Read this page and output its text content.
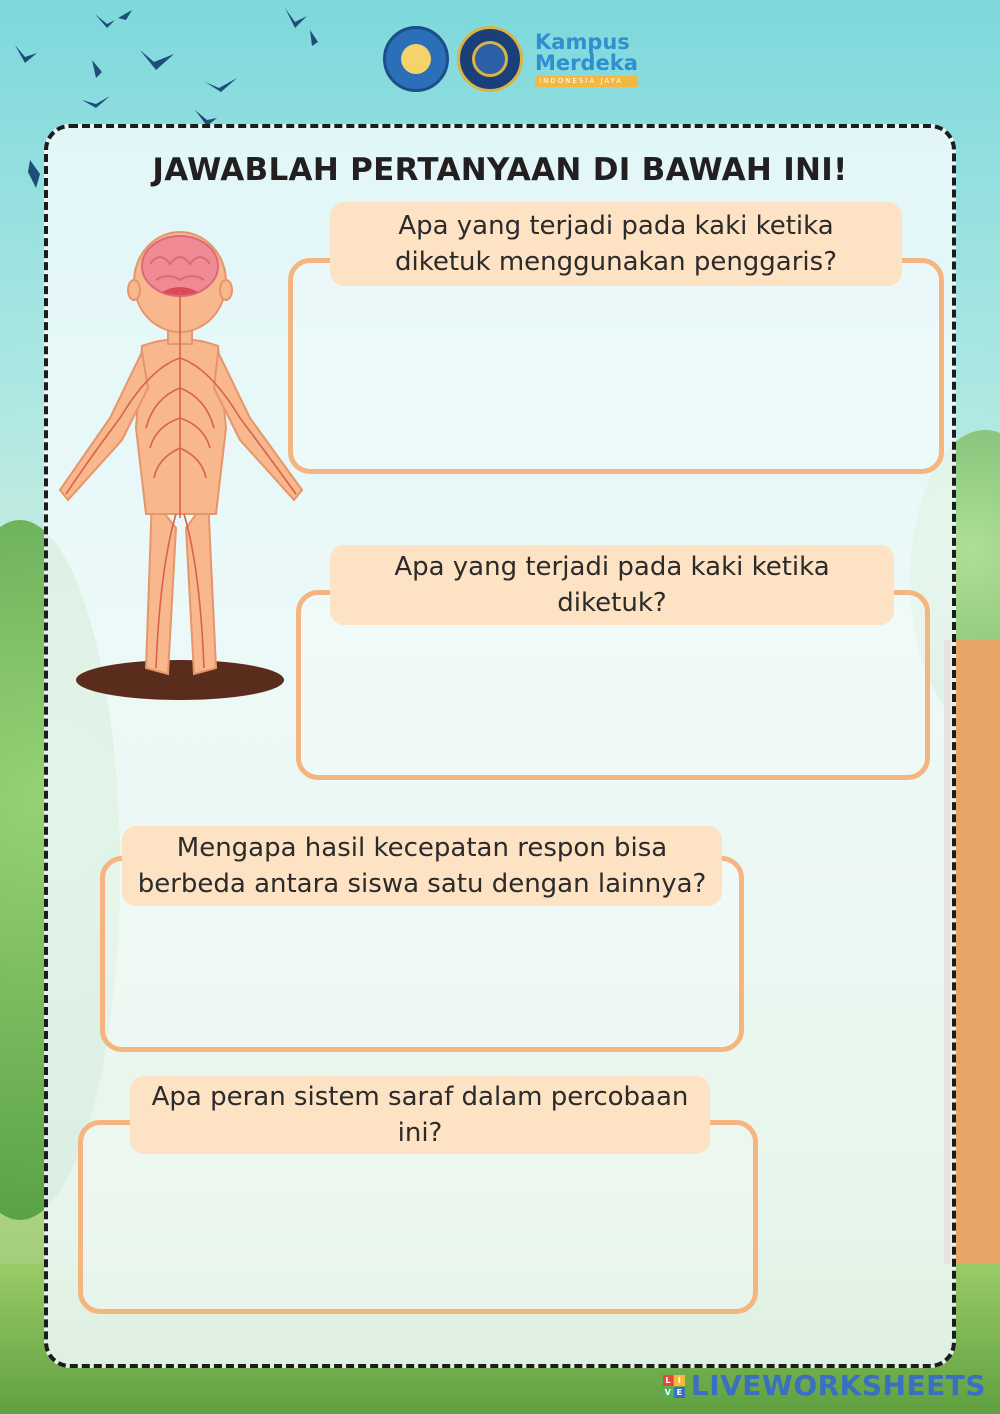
Kampus
Merdeka
INDONESIA JAYA
JAWABLAH PERTANYAAN DI BAWAH INI!
Apa yang terjadi pada kaki ketika
diketuk menggunakan penggaris?
Apa yang terjadi pada kaki ketika
diketuk?
Mengapa hasil kecepatan respon bisa
berbeda antara siswa satu dengan lainnya?
Apa peran sistem saraf dalam percobaan
ini?
L I
V E LIVEWORKSHEETS
